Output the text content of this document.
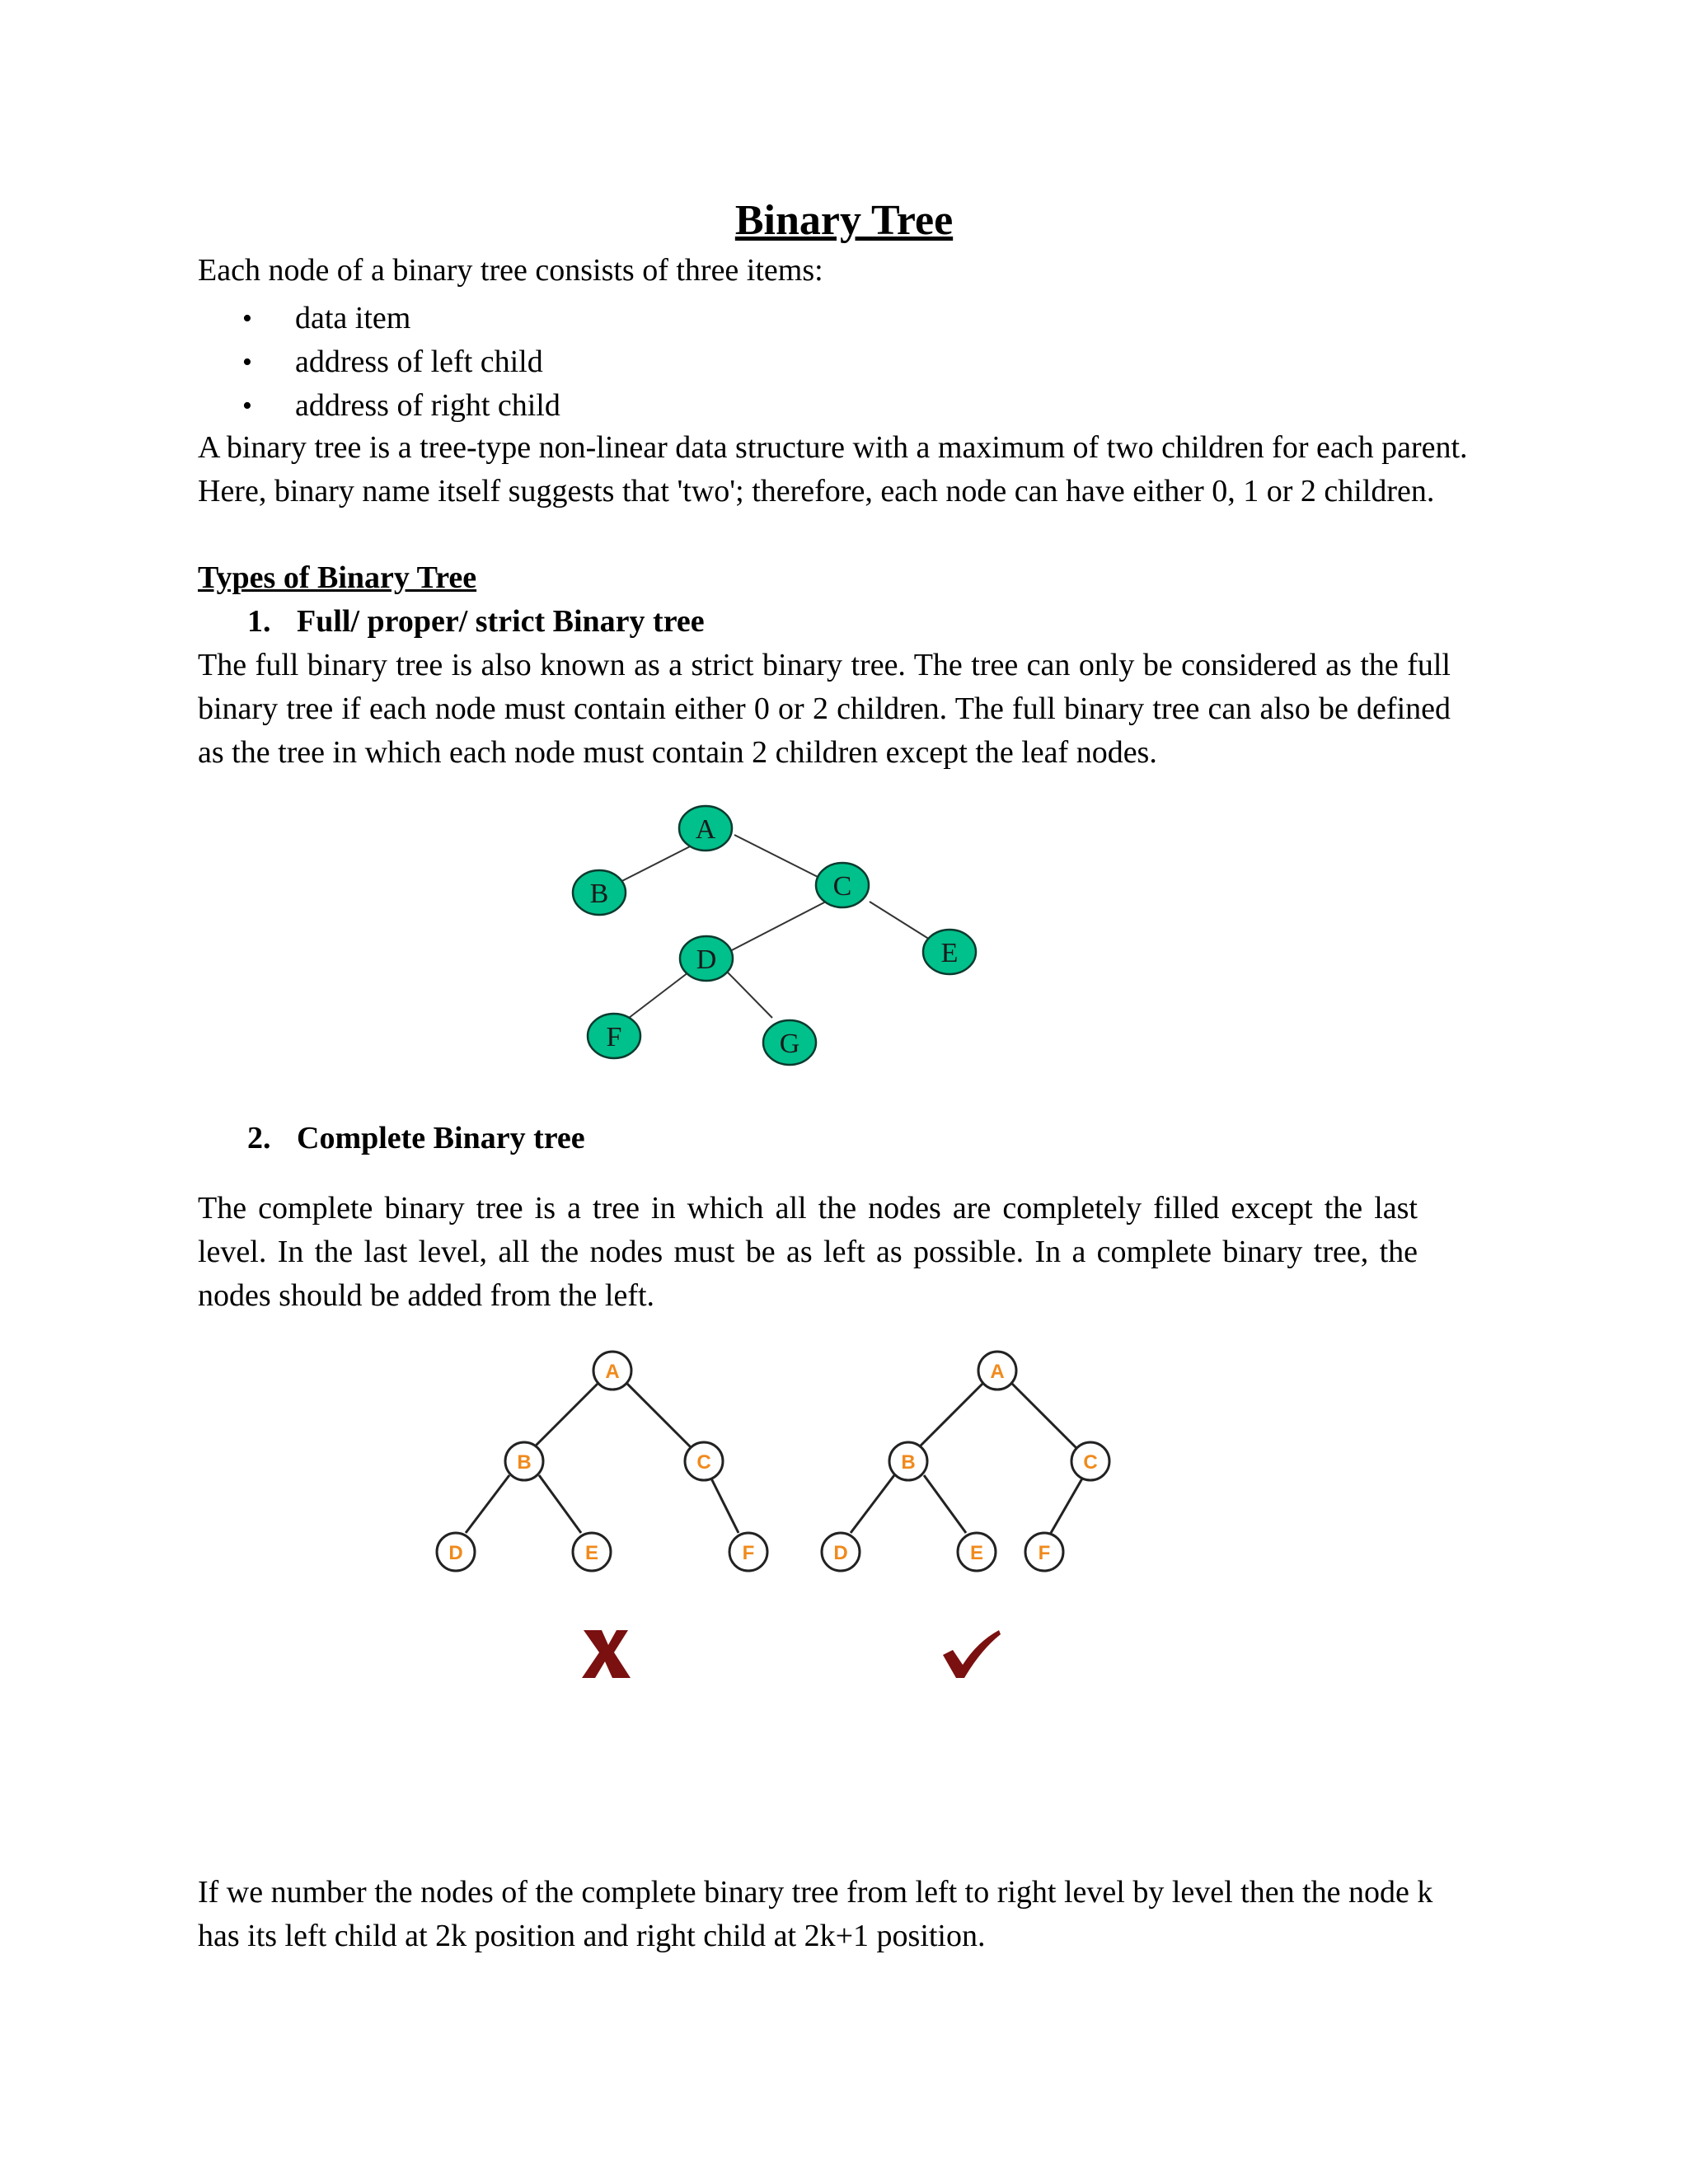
Binary Tree

Each node of a binary tree consists of three items:

• data item
• address of left child
• address of right child

A binary tree is a tree-type non-linear data structure with a maximum of two children for each parent. Here, binary name itself suggests that 'two'; therefore, each node can have either 0, 1 or 2 children.

Types of Binary Tree
1. Full/ proper/ strict Binary tree

The full binary tree is also known as a strict binary tree. The tree can only be considered as the full binary tree if each node must contain either 0 or 2 children. The full binary tree can also be defined as the tree in which each node must contain 2 children except the leaf nodes.

A
B	C
D	E
F	G
2. Complete Binary tree

The complete binary tree is a tree in which all the nodes are completely filled except the last level. In the last level, all the nodes must be as left as possible. In a complete binary tree, the nodes should be added from the left.

A
B	C
D	E	F
A
B	C
D	E	F

If we number the nodes of the complete binary tree from left to right level by level then the node k has its left child at 2k position and right child at 2k+1 position.
